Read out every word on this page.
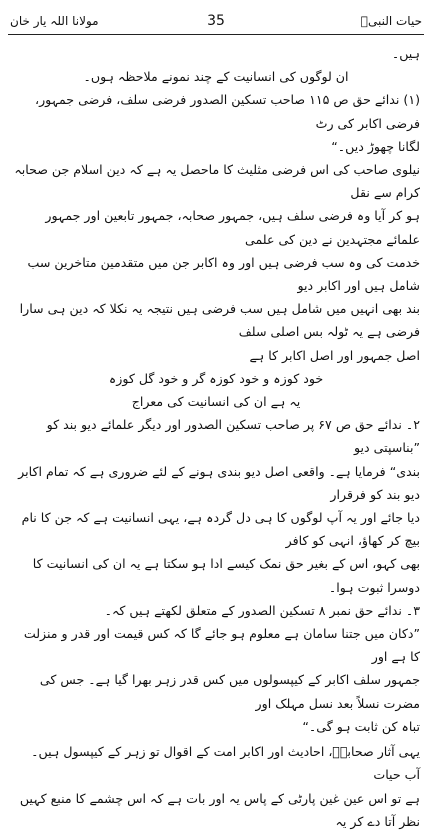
مولانا اللہ یار خان	35	حیات النبیؐ

ہیں۔

ان لوگوں کی انسانیت کے چند نمونے ملاحظہ ہوں۔

(۱) ندائے حق ص ۱۱۵ صاحب تسکین الصدور فرضی سلف، فرضی جمہور، فرضی اکابر کی رٹ

لگانا چھوڑ دیں۔“

نیلوی صاحب کی اس فرضی مثلیث کا ماحصل یہ ہے کہ دین اسلام جن صحابہ کرام سے نقل

ہو کر آیا وہ فرضی سلف ہیں، جمہور صحابہ، جمہور تابعین اور جمہور علمائے مجتہدین نے دین کی علمی

خدمت کی وہ سب فرضی ہیں اور وہ اکابر جن میں متقدمین متاخرین سب شامل ہیں اور اکابر دیو

بند بھی انہیں میں شامل ہیں سب فرضی ہیں نتیجہ یہ نکلا کہ دین ہی سارا فرضی ہے یہ ٹولہ بس اصلی سلف

اصل جمہور اور اصل اکابر کا ہے

خود کوزہ و خود کوزہ گر و خود گل کوزہ

یہ ہے ان کی انسانیت کی معراج

۲۔ ندائے حق ص ۶۷ پر صاحب تسکین الصدور اور دیگر علمائے دیو بند کو ”بناسپتی دیو

بندی“ فرمایا ہے۔ واقعی اصل دیو بندی ہونے کے لئے ضروری ہے کہ تمام اکابر دیو بند کو فرقرار

دیا جائے اور یہ آپ لوگوں کا ہی دل گردہ ہے، یہی انسانیت ہے کہ جن کا نام بیچ کر کھاؤ، انہی کو کافر

بھی کہو، اس کے بغیر حق نمک کیسے ادا ہو سکتا ہے یہ ان کی انسانیت کا دوسرا ثبوت ہوا۔

۳۔ ندائے حق نمبر ۸ تسکین الصدور کے متعلق لکھتے ہیں کہ۔

”دکان میں جتنا سامان ہے معلوم ہو جائے گا کہ کس قیمت اور قدر و منزلت کا ہے اور

جمہور سلف اکابر کے کیپسولوں میں کس قدر زہر بھرا گیا ہے۔ جس کی مضرت نسلاً بعد نسل مہلک اور

تباہ کن ثابت ہو گی۔“

یہی آثار صحابہؓ، احادیث اور اکابر امت کے اقوال تو زہر کے کیپسول ہیں۔ آب حیات

ہے تو اس عین غین پارٹی کے پاس یہ اور بات ہے کہ اس چشمے کا منبع کہیں نظر آتا دے کر یہ
